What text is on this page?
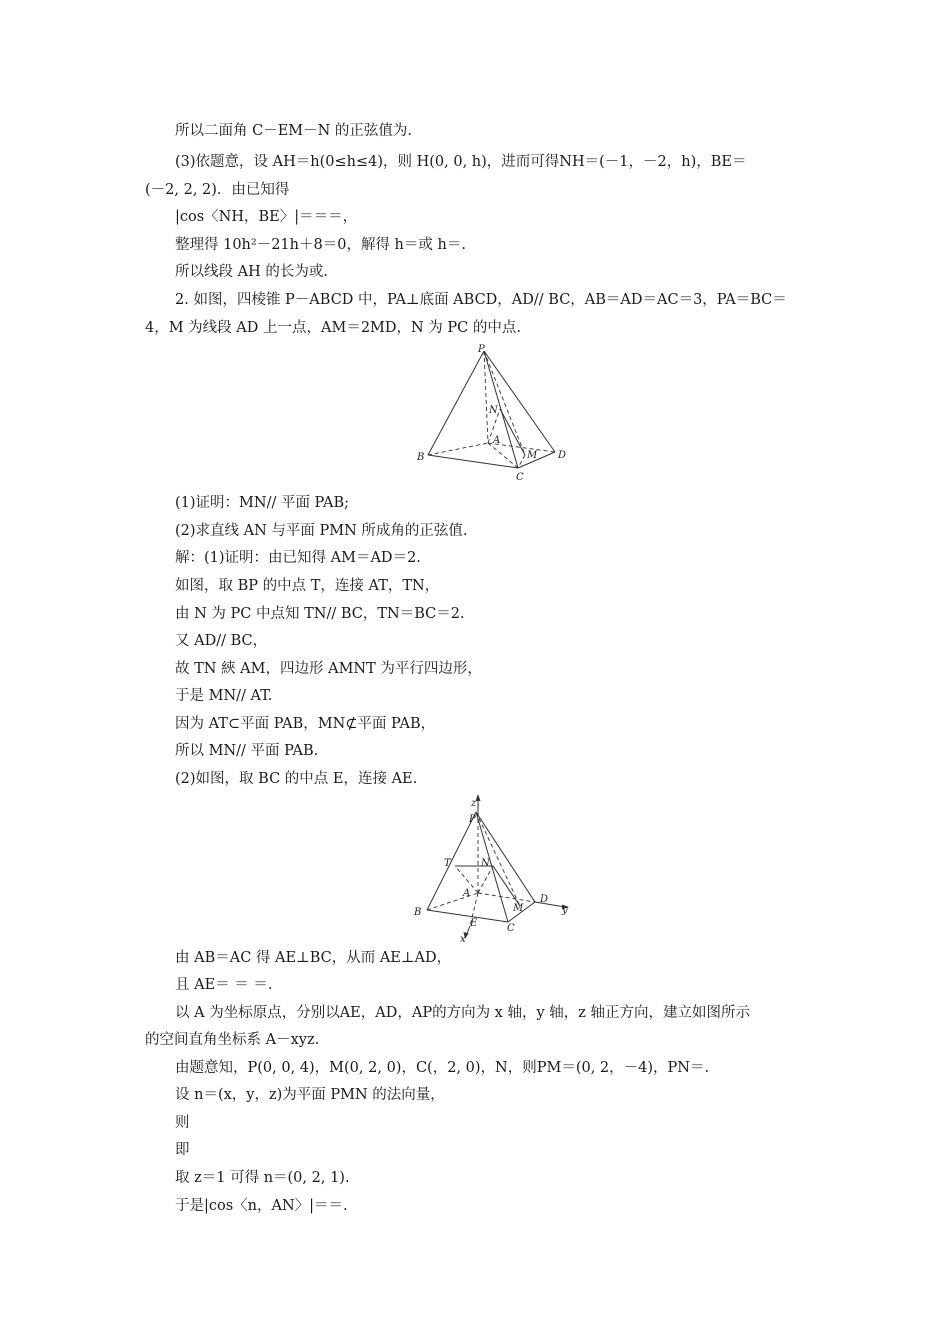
所以二面角 C－EM－N 的正弦值为.
(3)依题意，设 AH＝h(0≤h≤4)，则 H(0, 0, h)，进而可得NH＝(－1，－2，h)，BE＝
(－2, 2, 2)．由已知得
|cos〈NH，BE〉|＝＝＝，
整理得 10h²－21h＋8＝0，解得 h＝或 h＝.
所以线段 AH 的长为或.
2. 如图，四棱锥 P－ABCD 中，PA⊥底面 ABCD，AD// BC，AB＝AD＝AC＝3，PA＝BC＝
4，M 为线段 AD 上一点，AM＝2MD，N 为 PC 的中点.
P
N
A
M D
B
C
(1)证明：MN// 平面 PAB;
(2)求直线 AN 与平面 PMN 所成角的正弦值.
解：(1)证明：由已知得 AM＝AD＝2.
如图，取 BP 的中点 T，连接 AT，TN，
由 N 为 PC 中点知 TN// BC，TN＝BC＝2.
又 AD// BC，
故 TN 綊 AM，四边形 AMNT 为平行四边形，
于是 MN// AT.
因为 AT⊂平面 PAB，MN⊄平面 PAB，
所以 MN// 平面 PAB.
(2)如图，取 BC 的中点 E，连接 AE.
z
P
T	N
A
M
D
y
B
E	C
x
由 AB＝AC 得 AE⊥BC，从而 AE⊥AD，
且 AE＝ ＝ ＝.
以 A 为坐标原点，分别以AE，AD，AP的方向为 x 轴，y 轴，z 轴正方向，建立如图所示
的空间直角坐标系 A－xyz.
由题意知，P(0, 0, 4)，M(0, 2, 0)，C(，2, 0)，N，则PM＝(0, 2，－4)，PN＝.
设 n＝(x，y，z)为平面 PMN 的法向量，
则
即
取 z＝1 可得 n＝(0, 2, 1).
于是|cos〈n，AN〉|＝＝.
